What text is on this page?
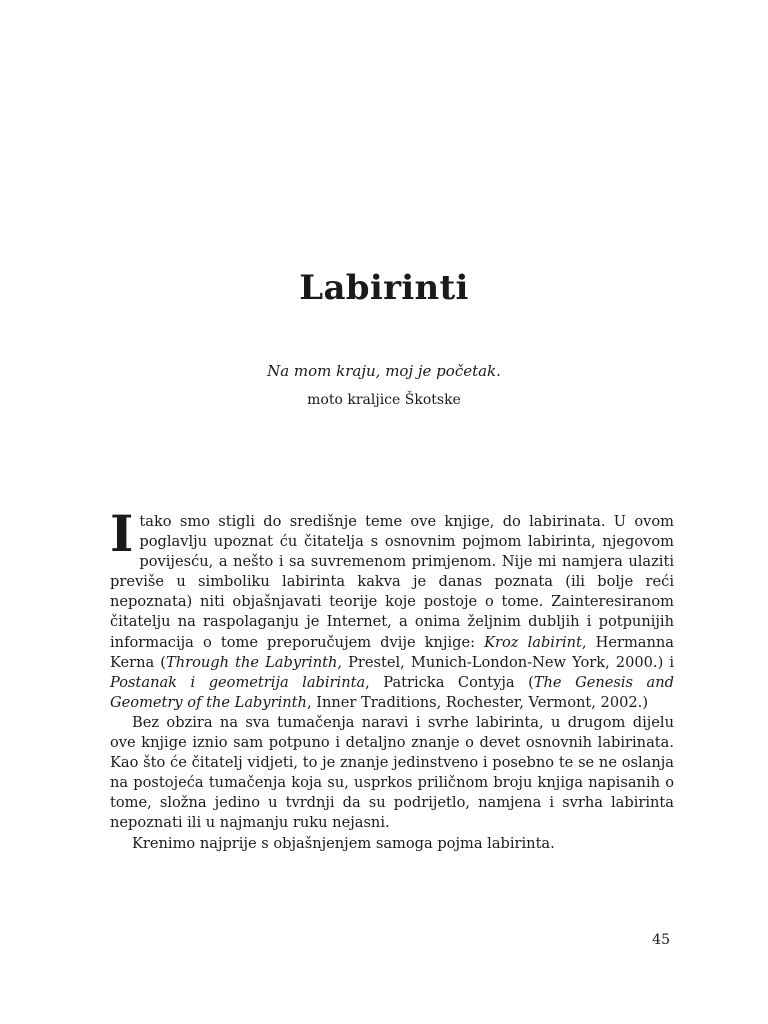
Labirinti
Na mom kraju, moj je početak.
moto kraljice Škotske

I tako smo stigli do središnje teme ove knjige, do labirinata. U ovom poglavlju upoznat ću čitatelja s osnovnim pojmom labirinta, njegovom povijesću, a nešto i sa suvremenom primjenom. Nije mi namjera ulaziti previše u simboliku labirinta kakva je danas poznata (ili bolje reći nepoznata) niti objašnjavati teorije koje postoje o tome. Zainteresiranom čitatelju na raspolaganju je Internet, a onima željnim dubljih i potpunijih informacija o tome preporučujem dvije knjige: Kroz labirint, Hermanna Kerna (Through the Labyrinth, Prestel, Munich-London-New York, 2000.) i Postanak i geometrija labirinta, Patricka Contyja (The Genesis and Geometry of the Labyrinth, Inner Traditions, Rochester, Vermont, 2002.)

Bez obzira na sva tumačenja naravi i svrhe labirinta, u drugom dijelu ove knjige iznio sam potpuno i detaljno znanje o devet osnovnih labirinata. Kao što će čitatelj vidjeti, to je znanje jedinstveno i posebno te se ne oslanja na postojeća tumačenja koja su, usprkos priličnom broju knjiga napisanih o tome, složna jedino u tvrdnji da su podrijetlo, namjena i svrha labirinta nepoznati ili u najmanju ruku nejasni.

Krenimo najprije s objašnjenjem samoga pojma labirinta.

45
